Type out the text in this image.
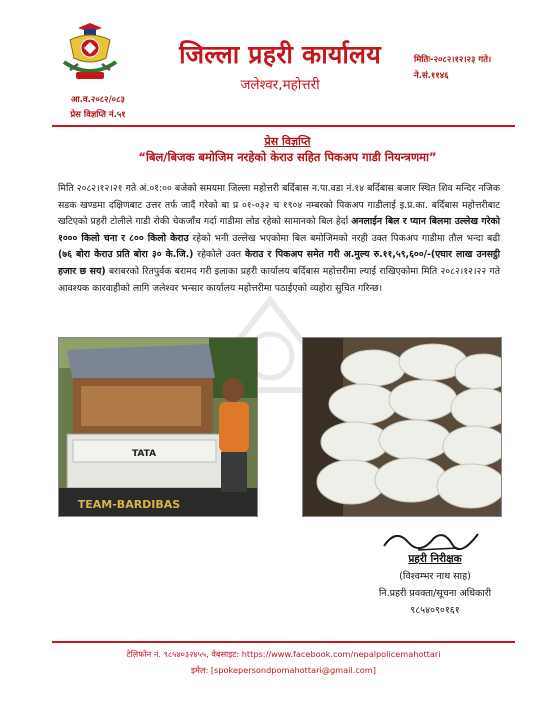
आ.व.२०८२/०८३
प्रेस विज्ञप्ति नं.५१
जिल्ला प्रहरी कार्यालय
जलेश्वर,महोत्तरी
मितिः-२०८२।१२।२३ गते।
ने.सं.११४६
प्रेस विज्ञप्ति
“बिल/बिजक बमोजिम नरहेको केराउ सहित पिकअप गाडी नियन्त्रणमा”
मिति २०८२।१२।२१ गते अं.०१:०० बजेको समयमा जिल्ला महोत्तरी बर्दिबास न.पा.वडा नं.१४ बर्दिबास बजार स्थित शिव मन्दिर नजिक सडक खण्डमा दक्षिणबाट उत्तर तर्फ जादैं गरेको बा प्र ०१-०३२ च १९०४ नम्बरको पिकअप गाडीलाई इ.प्र.का. बर्दिबास महोत्तरीबाट खटिएको प्रहरी टोलीले गाडी रोकी चेकजाँच गर्दा गाडीमा लोड रहेको सामानको बिल हेर्दा अनलाईन बिल र प्यान बिलमा उल्लेख गरेको १००० किलो चना र ८०० किलो केराउ रहेको भनी उल्लेख भएकोमा बिल बमोजिमको नरही उक्त पिकअप गाडीमा तौल भन्दा बढी (७६ बोरा केराउ प्रति बोरा ३० के.जि.) रहेकोले उक्त केराउ र पिकअप समेत गरी अ.मुल्य रु.११,५९,६००/-(एघार लाख उनसट्ठी हजार छ सय) बराबरको रितपुर्वक बरामद गरी इलाका प्रहरी कार्यालय बर्दिबास महोत्तरीमा ल्याई राखिएकोमा मिति २०८२।१२।२२ गते आवश्यक कारवाहीको लागि जलेश्वर भन्सार कार्यालय महोत्तरीमा पठाईएको व्यहोरा सुचित गरिन्छ।
TATA
TEAM-BARDIBAS
प्रहरी निरीक्षक
(विश्वम्भर नाथ साह)
नि.प्रहरी प्रवक्ता/सूचना अधिकारी
९८५४०९०१६१
टेलिफोन नं. ९८५४०३२४५५, वेबसाइट: https://www.facebook.com/nepalpolicemahottari
इमेल: [spokepersondpomahottari@gmail.com]
